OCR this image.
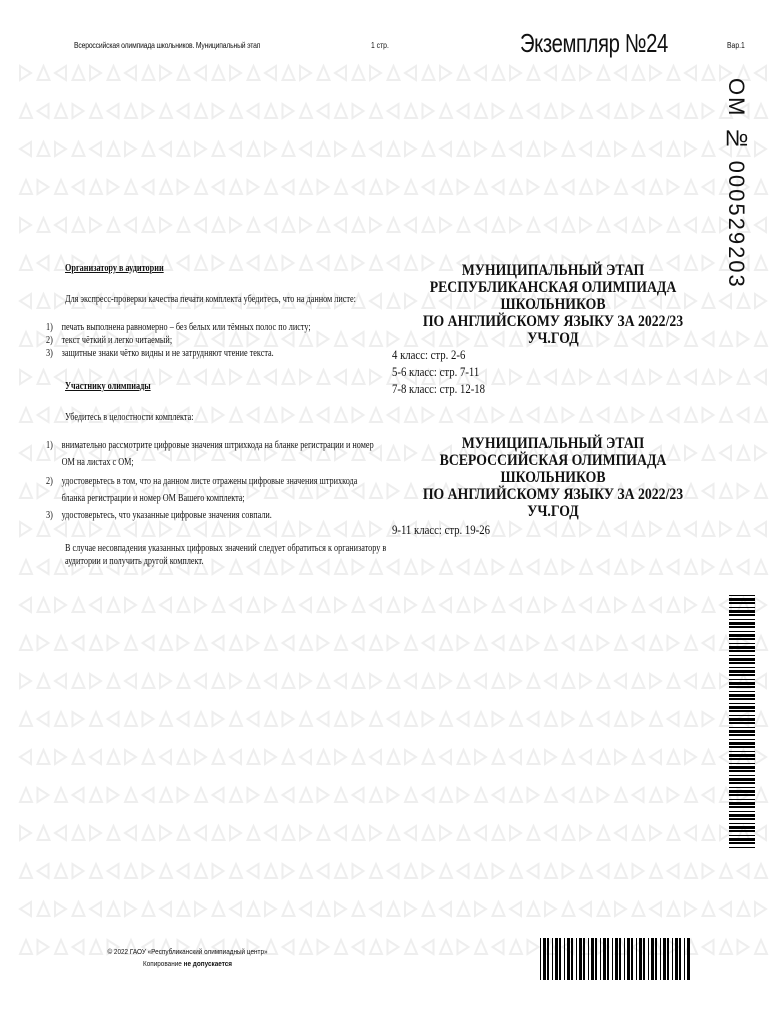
Всероссийская олимпиада школьников. Муниципальный этап	1 стр.	Экземпляр №24	Вар.1
ОМ № 000529203
Организатору в аудитории
Для экспресс-проверки качества печати комплекта убедитесь, что на данном листе:
1) печать выполнена равномерно – без белых или тёмных полос по листу;
2) текст чёткий и легко читаемый;
3) защитные знаки чётко видны и не затрудняют чтение текста.
Участнику олимпиады
Убедитесь в целостности комплекта:
1) внимательно рассмотрите цифровые значения штрихкода на бланке регистрации и номер
ОМ на листах с ОМ;
2) удостоверьтесь в том, что на данном листе отражены цифровые значения штрихкода
бланка регистрации и номер ОМ Вашего комплекта;
3) удостоверьтесь, что указанные цифровые значения совпали.
В случае несовпадения указанных цифровых значений следует обратиться к организатору в
аудитории и получить другой комплект.
МУНИЦИПАЛЬНЫЙ ЭТАП
РЕСПУБЛИКАНСКАЯ ОЛИМПИАДА ШКОЛЬНИКОВ
ПО АНГЛИЙСКОМУ ЯЗЫКУ ЗА 2022/23 УЧ.ГОД
4 класс: стр. 2-6
5-6 класс: стр. 7-11
7-8 класс: стр. 12-18
МУНИЦИПАЛЬНЫЙ ЭТАП
ВСЕРОССИЙСКАЯ ОЛИМПИАДА ШКОЛЬНИКОВ
ПО АНГЛИЙСКОМУ ЯЗЫКУ ЗА 2022/23 УЧ.ГОД
9-11 класс: стр. 19-26
© 2022 ГАОУ «Республиканский олимпиадный центр»
Копирование не допускается
